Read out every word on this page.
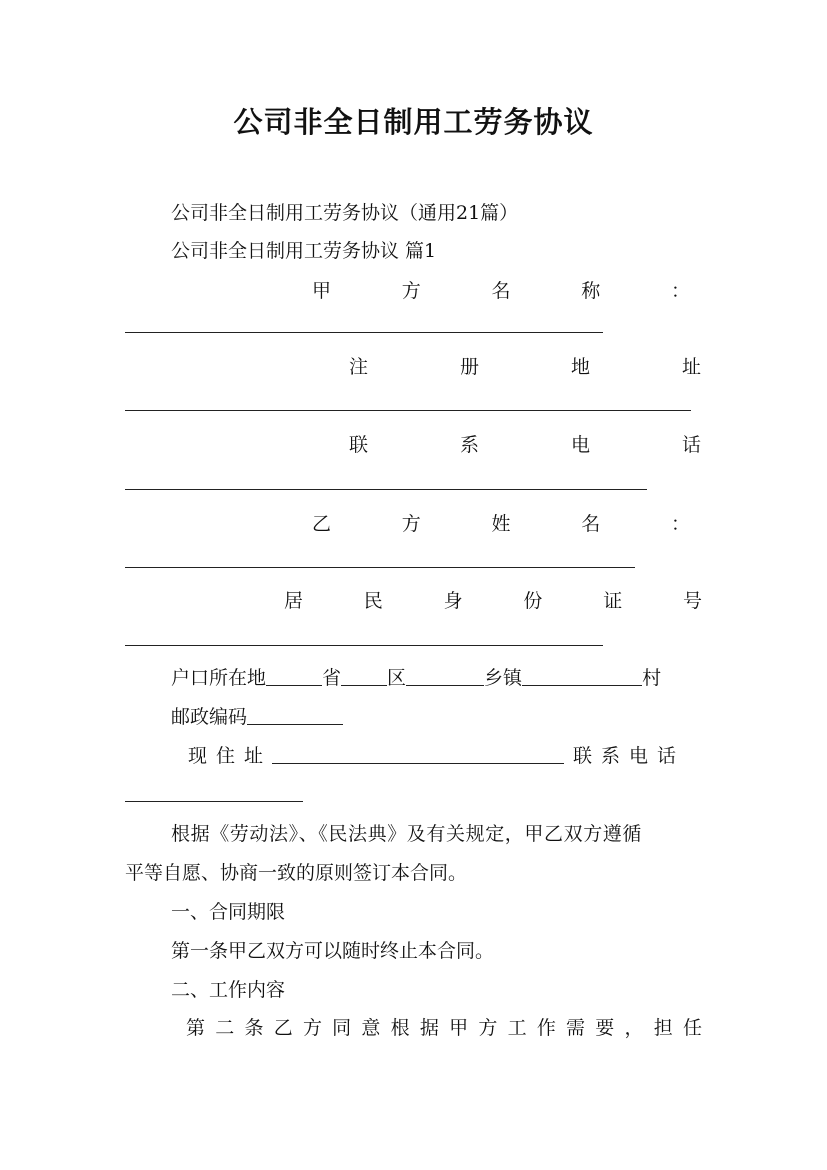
公司非全日制用工劳务协议
公司非全日制用工劳务协议（通用21篇）
公司非全日制用工劳务协议 篇1
甲	方	名	称	：
注	册	地	址
联	系	电	话
乙	方	姓	名	：
居	民	身	份	证	号
户口所在地	省 区	乡镇	村
邮政编码
现住址	联系电话
根据《劳动法》、《民法典》及有关规定，甲乙双方遵循
平等自愿、协商一致的原则签订本合同。
一、合同期限
第一条甲乙双方可以随时终止本合同。
二、工作内容
第 二 条 乙 方 同 意 根 据 甲 方 工 作 需 要 ， 担 任
